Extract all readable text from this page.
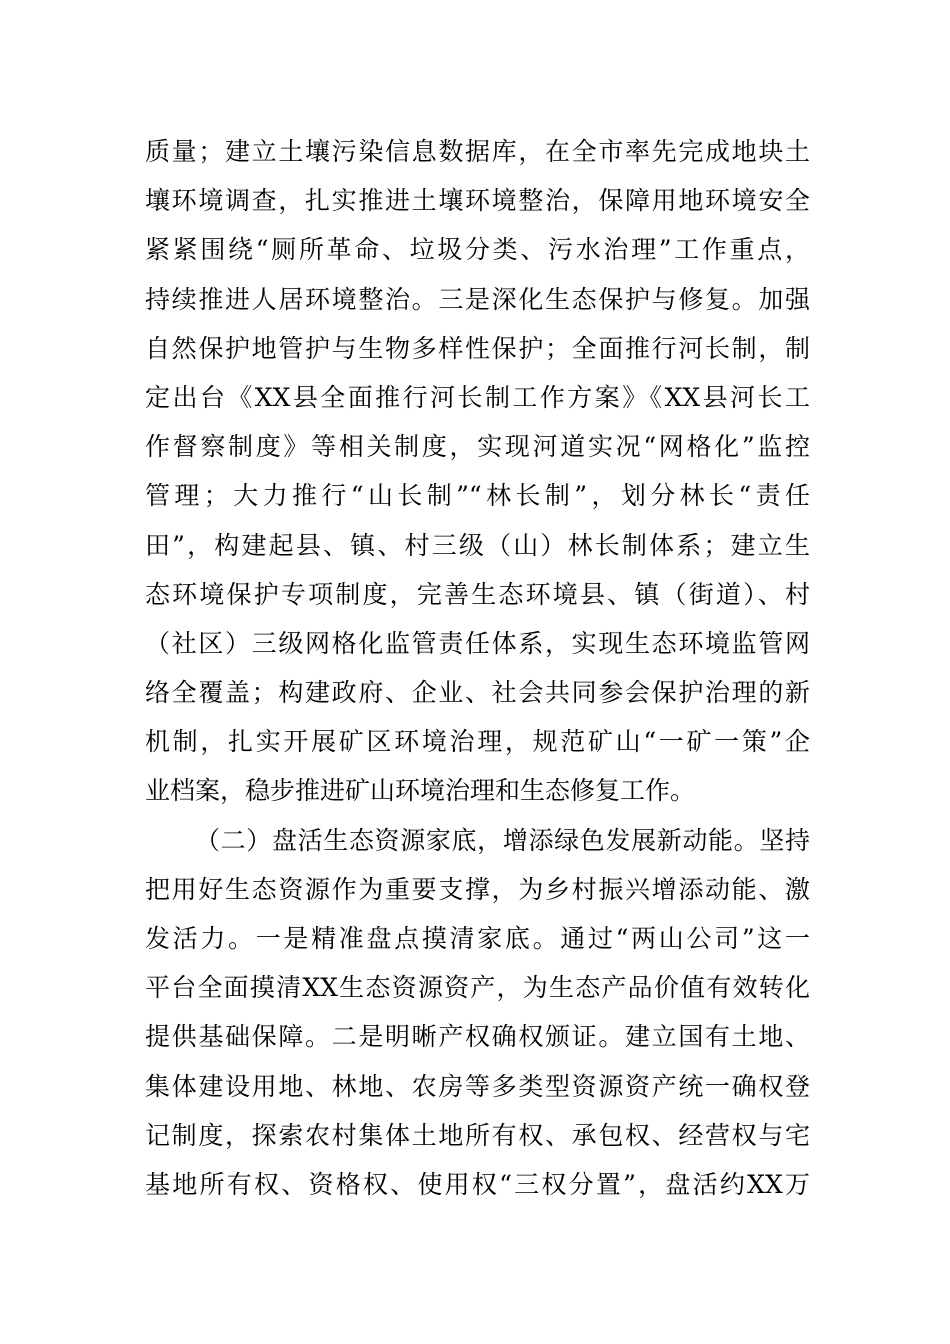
质量；建立土壤污染信息数据库，在全市率先完成地块土
壤环境调查，扎实推进土壤环境整治，保障用地环境安全
紧紧围绕“厕所革命、垃圾分类、污水治理”工作重点，
持续推进人居环境整治。三是深化生态保护与修复。加强
自然保护地管护与生物多样性保护；全面推行河长制，制
定出台《XX县全面推行河长制工作方案》《XX县河长工
作督察制度》等相关制度，实现河道实况“网格化”监控
管理；大力推行“山长制”“林长制”，划分林长“责任
田”，构建起县、镇、村三级（山）林长制体系；建立生
态环境保护专项制度，完善生态环境县、镇（街道）、村
（社区）三级网格化监管责任体系，实现生态环境监管网
络全覆盖；构建政府、企业、社会共同参会保护治理的新
机制，扎实开展矿区环境治理，规范矿山“一矿一策”企
业档案，稳步推进矿山环境治理和生态修复工作。
（二）盘活生态资源家底，增添绿色发展新动能。坚持
把用好生态资源作为重要支撑，为乡村振兴增添动能、激
发活力。一是精准盘点摸清家底。通过“两山公司”这一
平台全面摸清XX生态资源资产，为生态产品价值有效转化
提供基础保障。二是明晰产权确权颁证。建立国有土地、
集体建设用地、林地、农房等多类型资源资产统一确权登
记制度，探索农村集体土地所有权、承包权、经营权与宅
基地所有权、资格权、使用权“三权分置”，盘活约XX万
